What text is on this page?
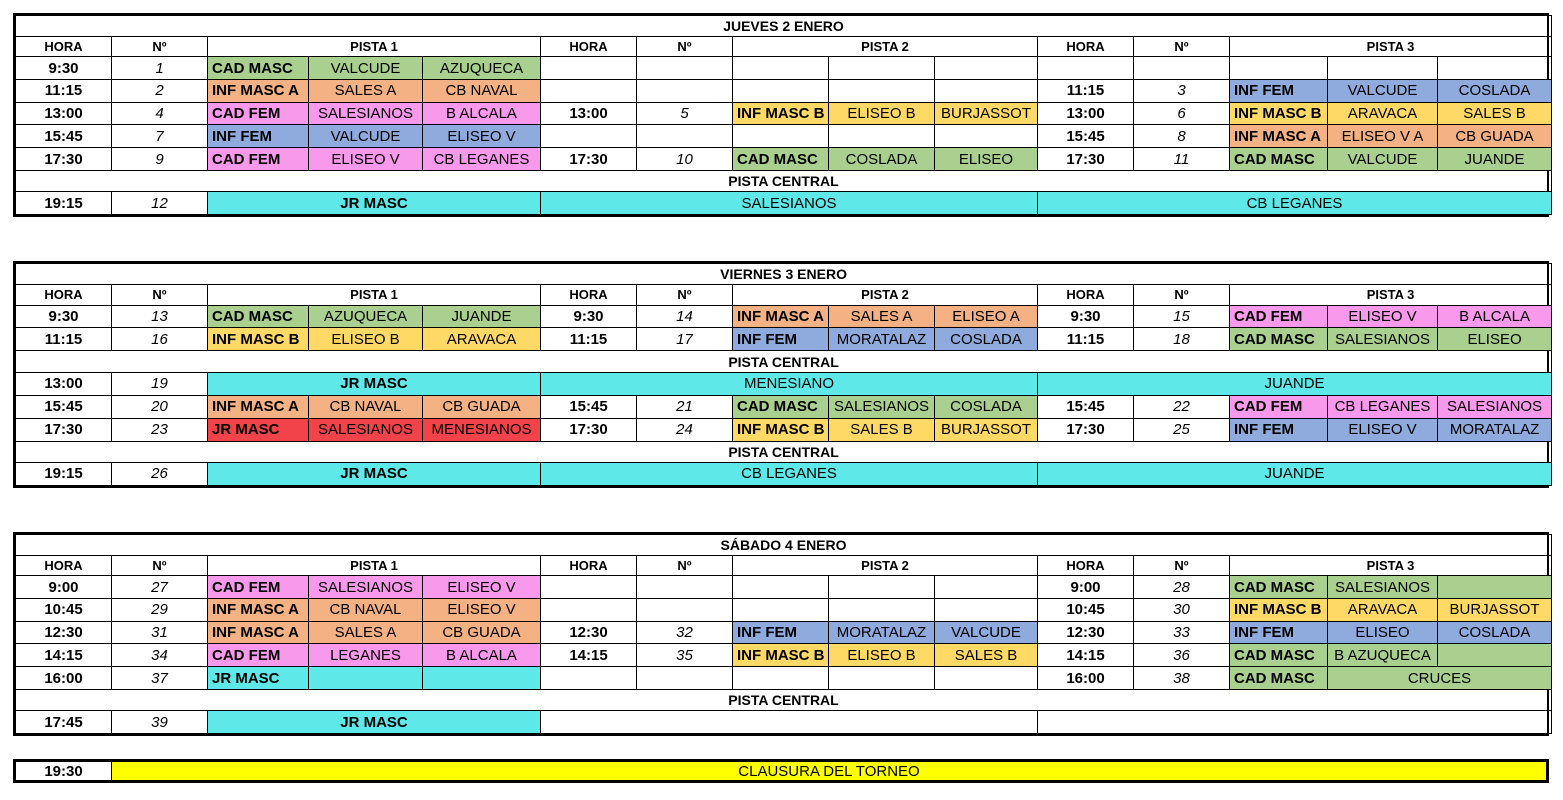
JUEVES 2 ENERO														
HORA	Nº	PISTA 1			HORA	Nº	PISTA 2			HORA	Nº	PISTA 3		
9:30	1	CAD MASC	VALCUDE	AZUQUECA										
11:15	2	INF MASC A	SALES A	CB NAVAL						11:15	3	INF FEM	VALCUDE	COSLADA
13:00	4	CAD FEM	SALESIANOS	B ALCALA	13:00	5	INF MASC B	ELISEO B	BURJASSOT	13:00	6	INF MASC B	ARAVACA	SALES B
15:45	7	INF FEM	VALCUDE	ELISEO V						15:45	8	INF MASC A	ELISEO V A	CB GUADA
17:30	9	CAD FEM	ELISEO V	CB LEGANES	17:30	10	CAD MASC	COSLADA	ELISEO	17:30	11	CAD MASC	VALCUDE	JUANDE
PISTA CENTRAL														
19:15	12	JR MASC			SALESIANOS					CB LEGANES				
VIERNES 3 ENERO														
HORA	Nº	PISTA 1			HORA	Nº	PISTA 2			HORA	Nº	PISTA 3		
9:30	13	CAD MASC	AZUQUECA	JUANDE	9:30	14	INF MASC A	SALES A	ELISEO A	9:30	15	CAD FEM	ELISEO V	B ALCALA
11:15	16	INF MASC B	ELISEO B	ARAVACA	11:15	17	INF FEM	MORATALAZ	COSLADA	11:15	18	CAD MASC	SALESIANOS	ELISEO
PISTA CENTRAL														
13:00	19	JR MASC			MENESIANO					JUANDE				
15:45	20	INF MASC A	CB NAVAL	CB GUADA	15:45	21	CAD MASC	SALESIANOS	COSLADA	15:45	22	CAD FEM	CB LEGANES	SALESIANOS
17:30	23	JR MASC	SALESIANOS	MENESIANOS	17:30	24	INF MASC B	SALES B	BURJASSOT	17:30	25	INF FEM	ELISEO V	MORATALAZ
PISTA CENTRAL														
19:15	26	JR MASC			CB LEGANES					JUANDE				
SÁBADO 4 ENERO														
HORA	Nº	PISTA 1			HORA	Nº	PISTA 2			HORA	Nº	PISTA 3		
9:00	27	CAD FEM	SALESIANOS	ELISEO V						9:00	28	CAD MASC	SALESIANOS	
10:45	29	INF MASC A	CB NAVAL	ELISEO V						10:45	30	INF MASC B	ARAVACA	BURJASSOT
12:30	31	INF MASC A	SALES A	CB GUADA	12:30	32	INF FEM	MORATALAZ	VALCUDE	12:30	33	INF FEM	ELISEO	COSLADA
14:15	34	CAD FEM	LEGANES	B ALCALA	14:15	35	INF MASC B	ELISEO B	SALES B	14:15	36	CAD MASC	B AZUQUECA	
16:00	37	JR MASC								16:00	38	CAD MASC	CRUCES	
PISTA CENTRAL														
17:45	39	JR MASC												
19:30	CLAUSURA DEL TORNEO
